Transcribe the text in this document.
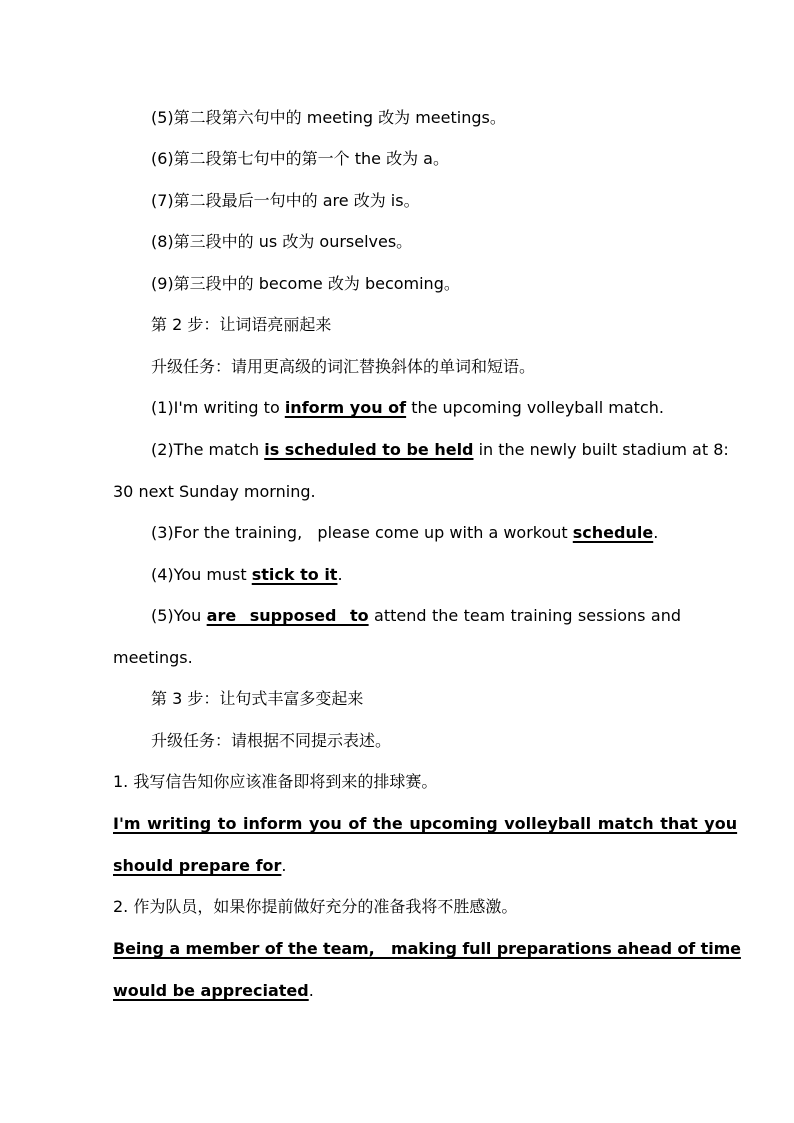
(5)第二段第六句中的 meeting 改为 meetings。
(6)第二段第七句中的第一个 the 改为 a。
(7)第二段最后一句中的 are 改为 is。
(8)第三段中的 us 改为 ourselves。
(9)第三段中的 become 改为 becoming。
第 2 步：让词语亮丽起来
升级任务：请用更高级的词汇替换斜体的单词和短语。
(1)I'm writing to inform you of the upcoming volleyball match.
(2)The match is scheduled to be held in the newly built stadium at 8:
30 next Sunday morning.
(3)For the training,   please come up with a workout schedule.
(4)You must stick to it.
(5)You are supposed to attend the team training sessions and
meetings.
第 3 步：让句式丰富多变起来
升级任务：请根据不同提示表述。
1. 我写信告知你应该准备即将到来的排球赛。
I'm writing to inform you of the upcoming volleyball match that you
should prepare for.
2. 作为队员，如果你提前做好充分的准备我将不胜感激。
Being a member of the team,   making full preparations ahead of time
would be appreciated.
